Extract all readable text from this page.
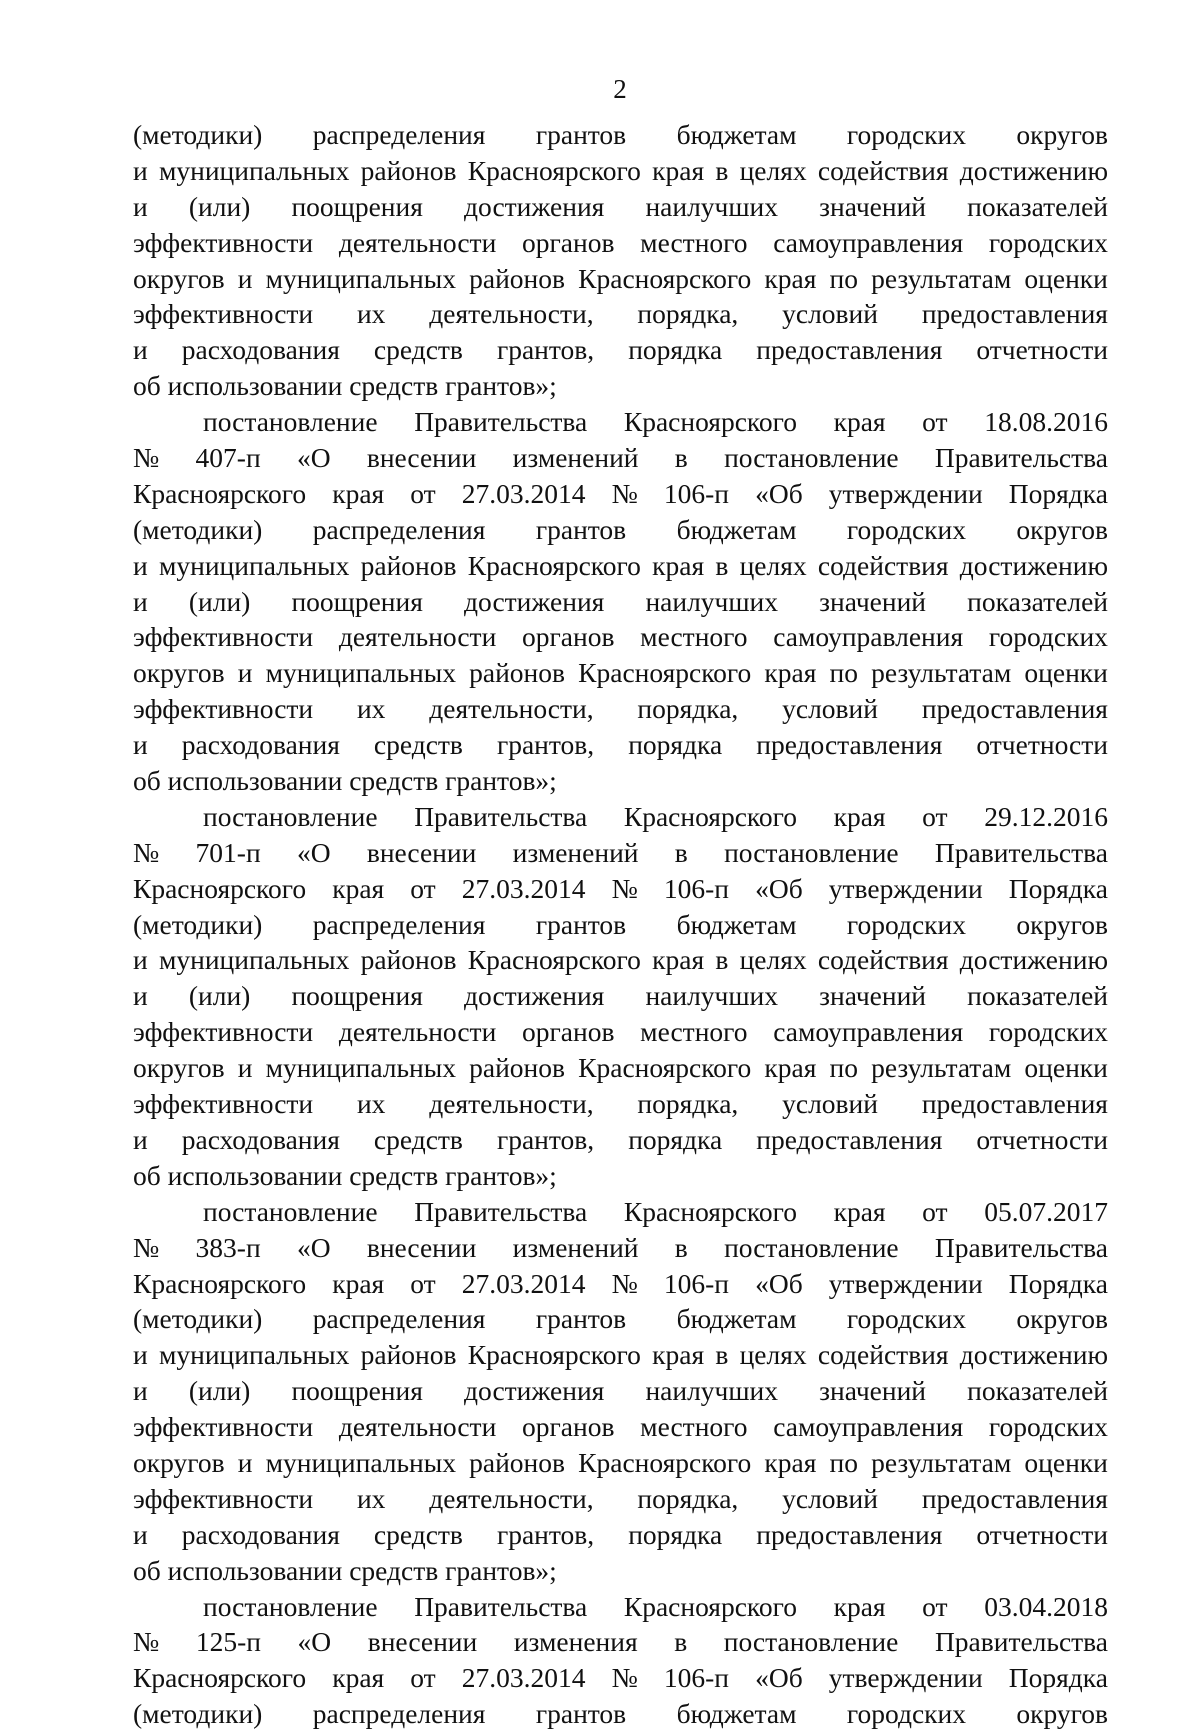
2
(методики) распределения грантов бюджетам городских округов
и муниципальных районов Красноярского края в целях содействия достижению
и (или) поощрения достижения наилучших значений показателей
эффективности деятельности органов местного самоуправления городских
округов и муниципальных районов Красноярского края по результатам оценки
эффективности их деятельности, порядка, условий предоставления
и расходования средств грантов, порядка предоставления отчетности
об использовании средств грантов»;
постановление Правительства Красноярского края от 18.08.2016
№ 407-п «О внесении изменений в постановление Правительства
Красноярского края от 27.03.2014 № 106-п «Об утверждении Порядка
(методики) распределения грантов бюджетам городских округов
и муниципальных районов Красноярского края в целях содействия достижению
и (или) поощрения достижения наилучших значений показателей
эффективности деятельности органов местного самоуправления городских
округов и муниципальных районов Красноярского края по результатам оценки
эффективности их деятельности, порядка, условий предоставления
и расходования средств грантов, порядка предоставления отчетности
об использовании средств грантов»;
постановление Правительства Красноярского края от 29.12.2016
№ 701-п «О внесении изменений в постановление Правительства
Красноярского края от 27.03.2014 № 106-п «Об утверждении Порядка
(методики) распределения грантов бюджетам городских округов
и муниципальных районов Красноярского края в целях содействия достижению
и (или) поощрения достижения наилучших значений показателей
эффективности деятельности органов местного самоуправления городских
округов и муниципальных районов Красноярского края по результатам оценки
эффективности их деятельности, порядка, условий предоставления
и расходования средств грантов, порядка предоставления отчетности
об использовании средств грантов»;
постановление Правительства Красноярского края от 05.07.2017
№ 383-п «О внесении изменений в постановление Правительства
Красноярского края от 27.03.2014 № 106-п «Об утверждении Порядка
(методики) распределения грантов бюджетам городских округов
и муниципальных районов Красноярского края в целях содействия достижению
и (или) поощрения достижения наилучших значений показателей
эффективности деятельности органов местного самоуправления городских
округов и муниципальных районов Красноярского края по результатам оценки
эффективности их деятельности, порядка, условий предоставления
и расходования средств грантов, порядка предоставления отчетности
об использовании средств грантов»;
постановление Правительства Красноярского края от 03.04.2018
№ 125-п «О внесении изменения в постановление Правительства
Красноярского края от 27.03.2014 № 106-п «Об утверждении Порядка
(методики) распределения грантов бюджетам городских округов
